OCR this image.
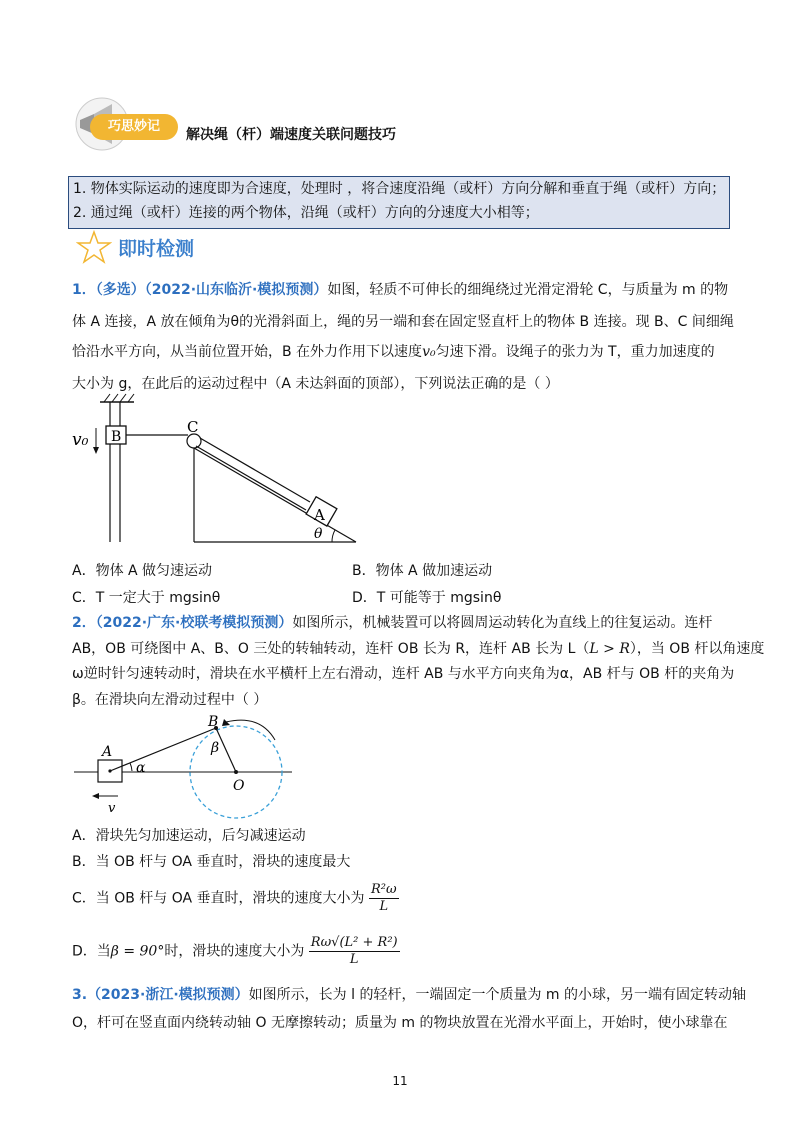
巧思妙记
解决绳（杆）端速度关联问题技巧
1. 物体实际运动的速度即为合速度，处理时 ，将合速度沿绳（或杆）方向分解和垂直于绳（或杆）方向；
2. 通过绳（或杆）连接的两个物体，沿绳（或杆）方向的分速度大小相等；
即时检测
1．（多选）（2022·山东临沂·模拟预测）如图，轻质不可伸长的细绳绕过光滑定滑轮 C，与质量为 m 的物
体 A 连接，A 放在倾角为θ的光滑斜面上，绳的另一端和套在固定竖直杆上的物体 B 连接。现 B、C 间细绳
恰沿水平方向，从当前位置开始，B 在外力作用下以速度v₀匀速下滑。设绳子的张力为 T，重力加速度的
大小为 g，在此后的运动过程中（A 未达斜面的顶部），下列说法正确的是（ ）
B
v₀
C
A
θ
A．物体 A 做匀速运动	B．物体 A 做加速运动
C．T 一定大于 mgsinθ	D．T 可能等于 mgsinθ
2．（2022·广东·校联考模拟预测）如图所示，机械装置可以将圆周运动转化为直线上的往复运动。连杆
AB，OB 可绕图中 A、B、O 三处的转轴转动，连杆 OB 长为 R，连杆 AB 长为 L（L > R），当 OB 杆以角速度
ω逆时针匀速转动时，滑块在水平横杆上左右滑动，连杆 AB 与水平方向夹角为α，AB 杆与 OB 杆的夹角为
β。在滑块向左滑动过程中（ ）
A
B
O
α
β
v
A．滑块先匀加速运动，后匀减速运动
B．当 OB 杆与 OA 垂直时，滑块的速度最大
C．当 OB 杆与 OA 垂直时，滑块的速度大小为 $\frac{\text{R²ω}}{L}$
D．当β = 90°时，滑块的速度大小为 $\frac{\text{Rω√(L² + R²)}}{L}$
3.（2023·浙江·模拟预测）如图所示，长为 l 的轻杆，一端固定一个质量为 m 的小球，另一端有固定转动轴
O，杆可在竖直面内绕转动轴 O 无摩擦转动；质量为 m 的物块放置在光滑水平面上，开始时，使小球靠在
11
